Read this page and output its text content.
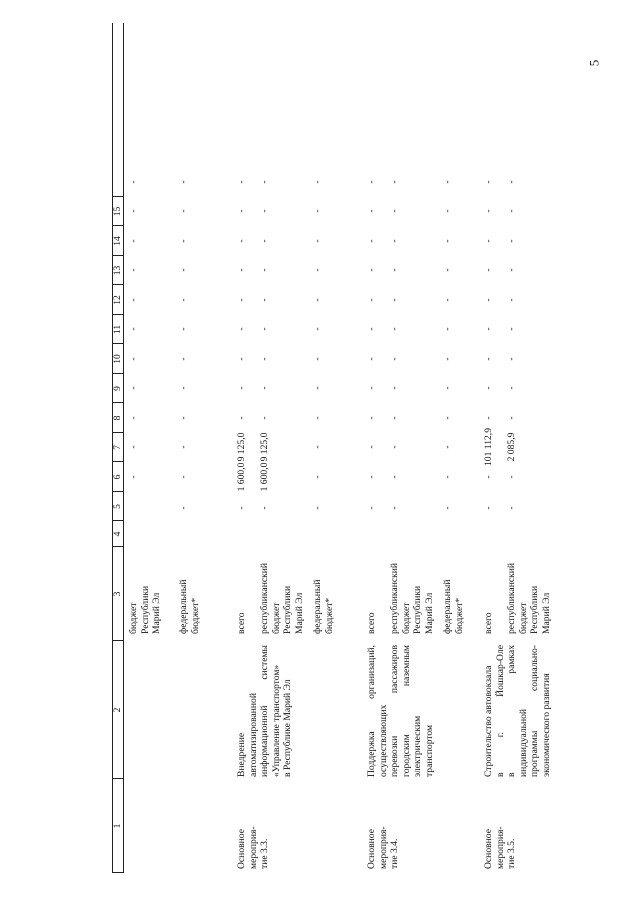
5
1
2
3
4
5
6
7
8
9
10
11
12
13
14
15
бюджет Республики Марий Эл
-
-
-
-
-
-
-
-
-
-
-
федеральный бюджет*
-
-
-
-
-
-
-
-
-
-
-
-
Основное мероприя- тие 3.3.
Внедрение автоматизированной информационной системы «Управление транспортом» в Республике Марий Эл
всего
-
1 600,0
9 125,0
-
-
-
-
-
-
-
-
-
республиканский бюджет Республики Марий Эл
-
1 600,0
9 125,0
-
-
-
-
-
-
-
-
-
федеральный бюджет*
-
-
-
-
-
-
-
-
-
-
-
-
Основное мероприя- тие 3.4.
Поддержка организаций, осуществляющих перевозки пассажиров городским наземным электрическим транспортом
всего
-
-
-
-
-
-
-
-
-
-
-
-
республиканский бюджет Республики Марий Эл
-
-
-
-
-
-
-
-
-
-
-
-
федеральный бюджет*
-
-
-
-
-
-
-
-
-
-
-
-
Основное мероприя- тие 3.5.
Строительство автовокзала в г. Йошкар-Оле в рамках индивидуальной программы социально- экономического развития
всего
-
-
101 112,9
-
-
-
-
-
-
-
-
-
республиканский бюджет Республики Марий Эл
-
-
2 085,9
-
-
-
-
-
-
-
-
-
